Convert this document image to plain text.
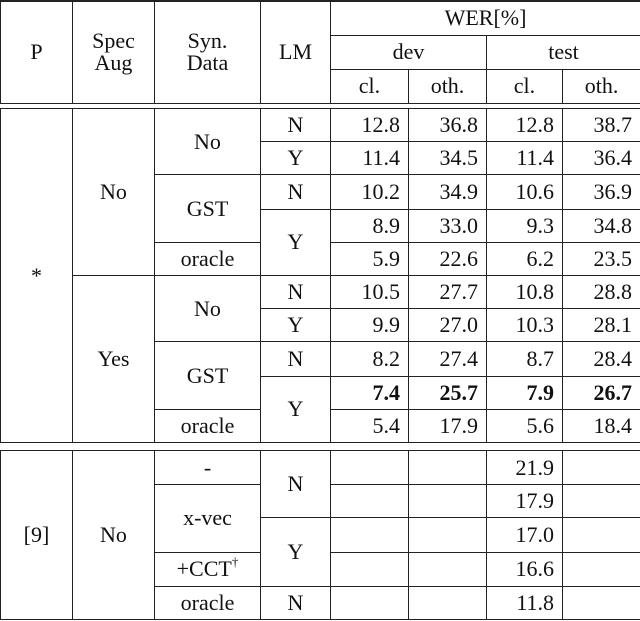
P	Spec Aug	Syn. Data	LM	WER[%]			
				dev		test	
				cl.	oth.	cl.	oth.
*	No	No	N	12.8	36.8	12.8	38.7
			Y	11.4	34.5	11.4	36.4
		GST	N	10.2	34.9	10.6	36.9
			Y	8.9	33.0	9.3	34.8
		oracle		5.9	22.6	6.2	23.5
	Yes	No	N	10.5	27.7	10.8	28.8
			Y	9.9	27.0	10.3	28.1
		GST	N	8.2	27.4	8.7	28.4
			Y	7.4	25.7	7.9	26.7
		oracle		5.4	17.9	5.6	18.4
[9]	No	-	N			21.9	
		x-vec				17.9	
			Y			17.0	
		+CCT†				16.6	
		oracle	N			11.8	
